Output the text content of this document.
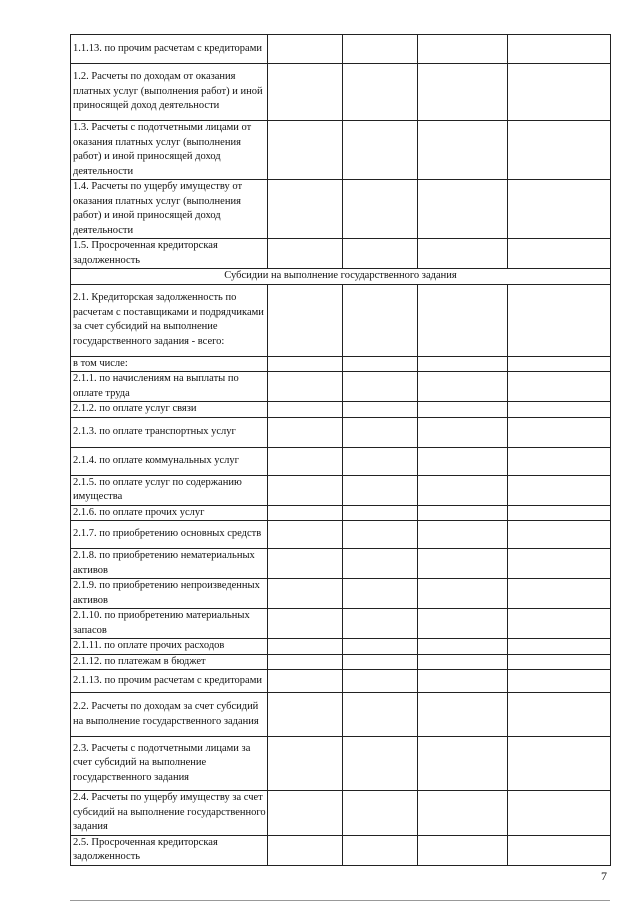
1.1.13. по прочим расчетам с кредиторами				
1.2. Расчеты по доходам от оказания платных услуг (выполнения работ) и иной приносящей доход деятельности				
1.3. Расчеты с подотчетными лицами от оказания платных услуг (выполнения работ) и иной приносящей доход деятельности				
1.4. Расчеты по ущербу имуществу от оказания платных услуг (выполнения работ) и иной приносящей доход деятельности				
1.5. Просроченная кредиторская задолженность				
Субсидии на выполнение государственного задания				
2.1. Кредиторская задолженность по расчетам с поставщиками и подрядчиками за счет субсидий на выполнение государственного задания - всего:				
в том числе:				
2.1.1. по начислениям на выплаты по оплате труда				
2.1.2. по оплате услуг связи				
2.1.3. по оплате транспортных услуг				
2.1.4. по оплате коммунальных услуг				
2.1.5. по оплате услуг по содержанию имущества				
2.1.6. по оплате прочих услуг				
2.1.7. по приобретению основных средств				
2.1.8. по приобретению нематериальных активов				
2.1.9. по приобретению непроизведенных активов				
2.1.10. по приобретению материальных запасов				
2.1.11. по оплате прочих расходов				
2.1.12. по платежам в бюджет				
2.1.13. по прочим расчетам с кредиторами				
2.2. Расчеты по доходам за счет субсидий на выполнение государственного задания				
2.3. Расчеты с подотчетными лицами за счет субсидий на выполнение государственного задания				
2.4. Расчеты по ущербу имуществу за счет субсидий на выполнение государственного задания				
2.5. Просроченная кредиторская задолженность				
7
